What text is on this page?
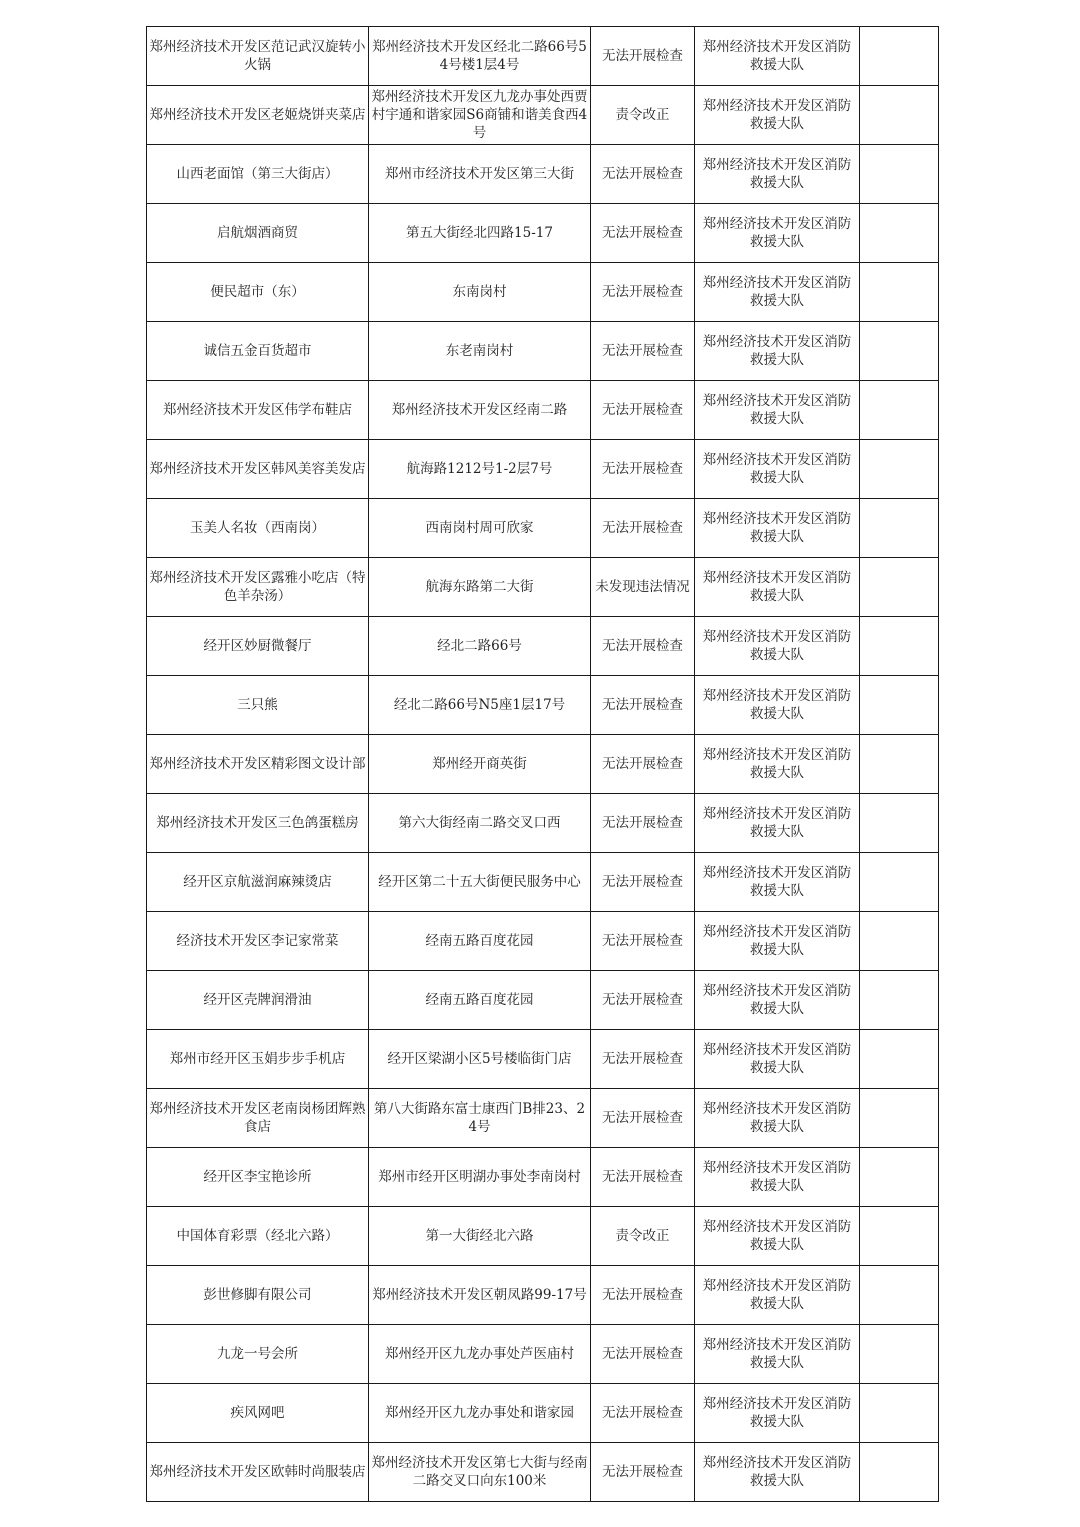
郑州经济技术开发区范记武汉旋转小火锅	郑州经济技术开发区经北二路66号54号楼1层4号	无法开展检查	郑州经济技术开发区消防救援大队	
郑州经济技术开发区老姬烧饼夹菜店	郑州经济技术开发区九龙办事处西贾村宇通和谐家园S6商铺和谐美食西4号	责令改正	郑州经济技术开发区消防救援大队	
山西老面馆（第三大街店）	郑州市经济技术开发区第三大街	无法开展检查	郑州经济技术开发区消防救援大队	
启航烟酒商贸	第五大街经北四路15-17	无法开展检查	郑州经济技术开发区消防救援大队	
便民超市（东）	东南岗村	无法开展检查	郑州经济技术开发区消防救援大队	
诚信五金百货超市	东老南岗村	无法开展检查	郑州经济技术开发区消防救援大队	
郑州经济技术开发区伟学布鞋店	郑州经济技术开发区经南二路	无法开展检查	郑州经济技术开发区消防救援大队	
郑州经济技术开发区韩风美容美发店	航海路1212号1-2层7号	无法开展检查	郑州经济技术开发区消防救援大队	
玉美人名妆（西南岗）	西南岗村周可欣家	无法开展检查	郑州经济技术开发区消防救援大队	
郑州经济技术开发区露雅小吃店（特色羊杂汤）	航海东路第二大街	未发现违法情况	郑州经济技术开发区消防救援大队	
经开区妙厨微餐厅	经北二路66号	无法开展检查	郑州经济技术开发区消防救援大队	
三只熊	经北二路66号N5座1层17号	无法开展检查	郑州经济技术开发区消防救援大队	
郑州经济技术开发区精彩图文设计部	郑州经开商英街	无法开展检查	郑州经济技术开发区消防救援大队	
郑州经济技术开发区三色鸽蛋糕房	第六大街经南二路交叉口西	无法开展检查	郑州经济技术开发区消防救援大队	
经开区京航滋润麻辣烫店	经开区第二十五大街便民服务中心	无法开展检查	郑州经济技术开发区消防救援大队	
经济技术开发区李记家常菜	经南五路百度花园	无法开展检查	郑州经济技术开发区消防救援大队	
经开区壳牌润滑油	经南五路百度花园	无法开展检查	郑州经济技术开发区消防救援大队	
郑州市经开区玉娟步步手机店	经开区梁湖小区5号楼临街门店	无法开展检查	郑州经济技术开发区消防救援大队	
郑州经济技术开发区老南岗杨团辉熟食店	第八大街路东富士康西门B排23、24号	无法开展检查	郑州经济技术开发区消防救援大队	
经开区李宝艳诊所	郑州市经开区明湖办事处李南岗村	无法开展检查	郑州经济技术开发区消防救援大队	
中国体育彩票（经北六路）	第一大街经北六路	责令改正	郑州经济技术开发区消防救援大队	
彭世修脚有限公司	郑州经济技术开发区朝凤路99-17号	无法开展检查	郑州经济技术开发区消防救援大队	
九龙一号会所	郑州经开区九龙办事处芦医庙村	无法开展检查	郑州经济技术开发区消防救援大队	
疾风网吧	郑州经开区九龙办事处和谐家园	无法开展检查	郑州经济技术开发区消防救援大队	
郑州经济技术开发区欧韩时尚服装店	郑州经济技术开发区第七大街与经南二路交叉口向东100米	无法开展检查	郑州经济技术开发区消防救援大队	
